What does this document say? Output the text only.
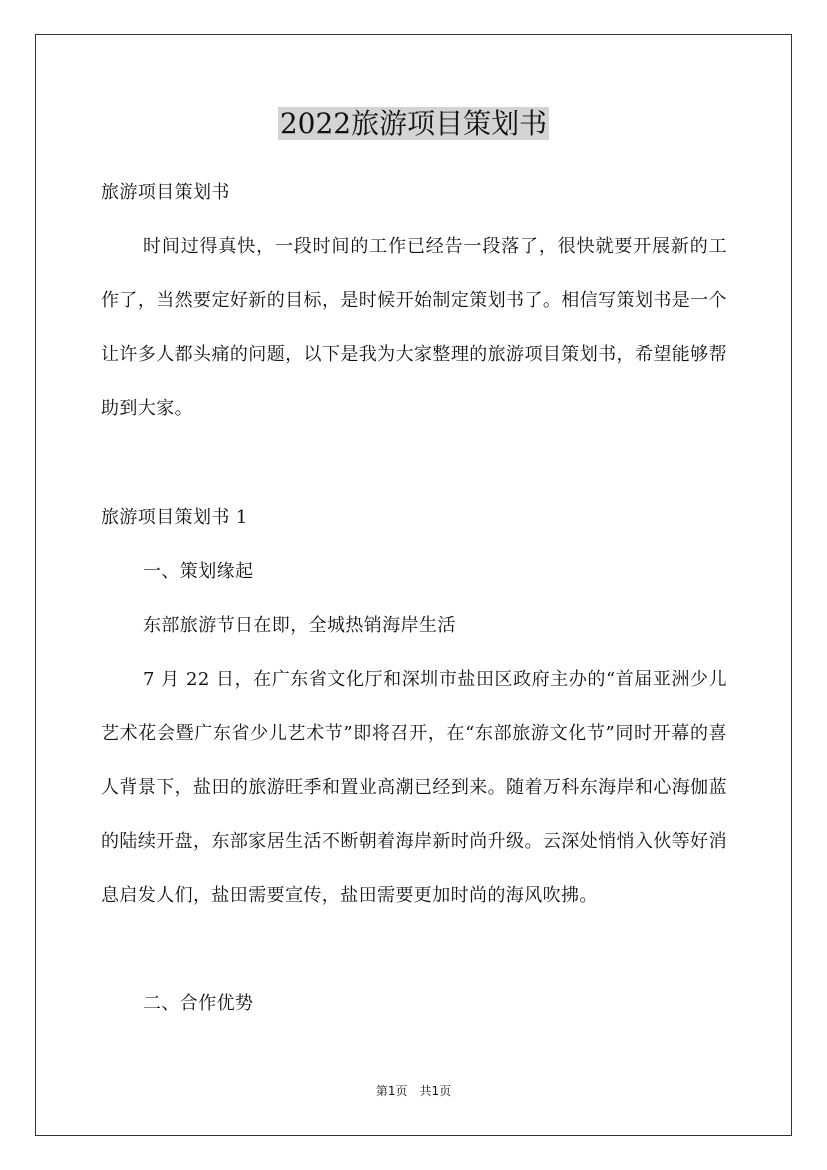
2022旅游项目策划书

旅游项目策划书

时间过得真快，一段时间的工作已经告一段落了，很快就要开展新的工作了，当然要定好新的目标，是时候开始制定策划书了。相信写策划书是一个让许多人都头痛的问题，以下是我为大家整理的旅游项目策划书，希望能够帮助到大家。

旅游项目策划书 1

一、策划缘起

东部旅游节日在即，全城热销海岸生活

7 月 22 日，在广东省文化厅和深圳市盐田区政府主办的“首届亚洲少儿艺术花会暨广东省少儿艺术节”即将召开，在“东部旅游文化节”同时开幕的喜人背景下，盐田的旅游旺季和置业高潮已经到来。随着万科东海岸和心海伽蓝的陆续开盘，东部家居生活不断朝着海岸新时尚升级。云深处悄悄入伙等好消息启发人们，盐田需要宣传，盐田需要更加时尚的海风吹拂。

二、合作优势

第1页　共1页
